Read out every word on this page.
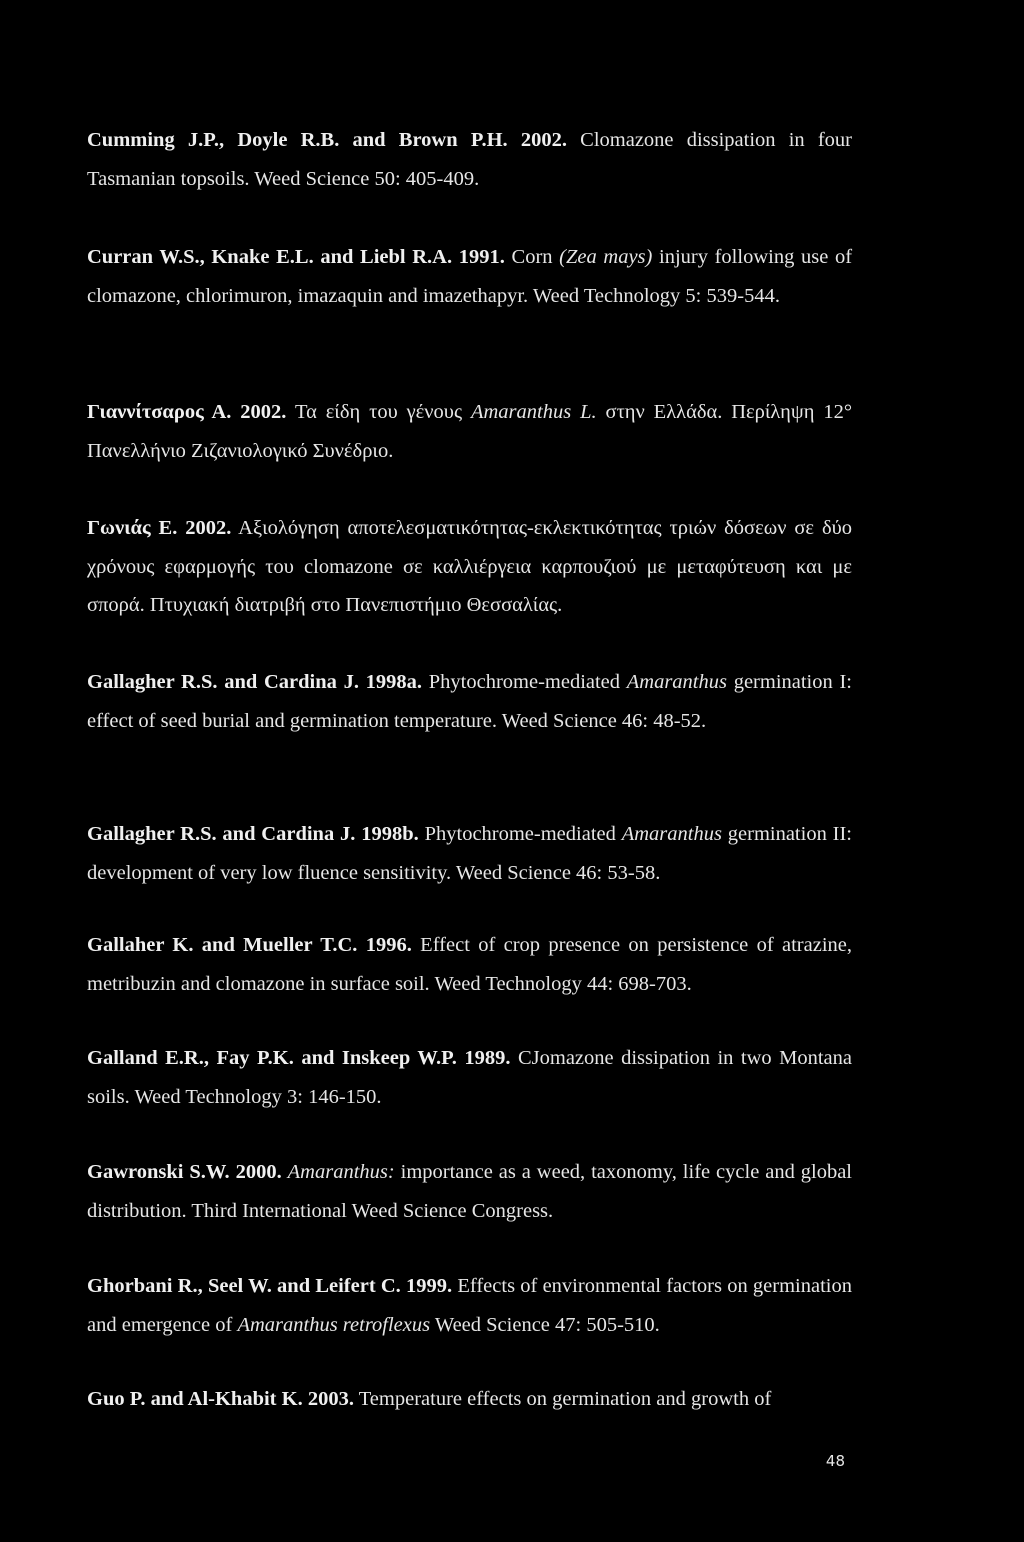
Cumming J.P., Doyle R.B. and Brown P.H. 2002. Clomazone dissipation in four Tasmanian topsoils. Weed Science 50: 405-409.

Curran W.S., Knake E.L. and Liebl R.A. 1991. Corn (Zea mays) injury following use of clomazone, chlorimuron, imazaquin and imazethapyr. Weed Technology 5: 539-544.

Γιαννίτσαρος Α. 2002. Τα είδη του γένους Amaranthus L. στην Ελλάδα. Περίληψη 12° Πανελλήνιο Ζιζανιολογικό Συνέδριο.

Γωνιάς Ε. 2002. Αξιολόγηση αποτελεσματικότητας-εκλεκτικότητας τριών δόσεων σε δύο χρόνους εφαρμογής του clomazone σε καλλιέργεια καρπουζιού με μεταφύτευση και με σπορά. Πτυχιακή διατριβή στο Πανεπιστήμιο Θεσσαλίας.

Gallagher R.S. and Cardina J. 1998a. Phytochrome-mediated Amaranthus germination I: effect of seed burial and germination temperature. Weed Science 46: 48-52.

Gallagher R.S. and Cardina J. 1998b. Phytochrome-mediated Amaranthus germination II: development of very low fluence sensitivity. Weed Science 46: 53-58.

Gallaher K. and Mueller T.C. 1996. Effect of crop presence on persistence of atrazine, metribuzin and clomazone in surface soil. Weed Technology 44: 698-703.

Galland E.R., Fay P.K. and Inskeep W.P. 1989. CJomazone dissipation in two Montana soils. Weed Technology 3: 146-150.

Gawronski S.W. 2000. Amaranthus: importance as a weed, taxonomy, life cycle and global distribution. Third International Weed Science Congress.

Ghorbani R., Seel W. and Leifert C. 1999. Effects of environmental factors on germination and emergence of Amaranthus retroflexus Weed Science 47: 505-510.

Guo P. and Al-Khabit K. 2003. Temperature effects on germination and growth of

48
